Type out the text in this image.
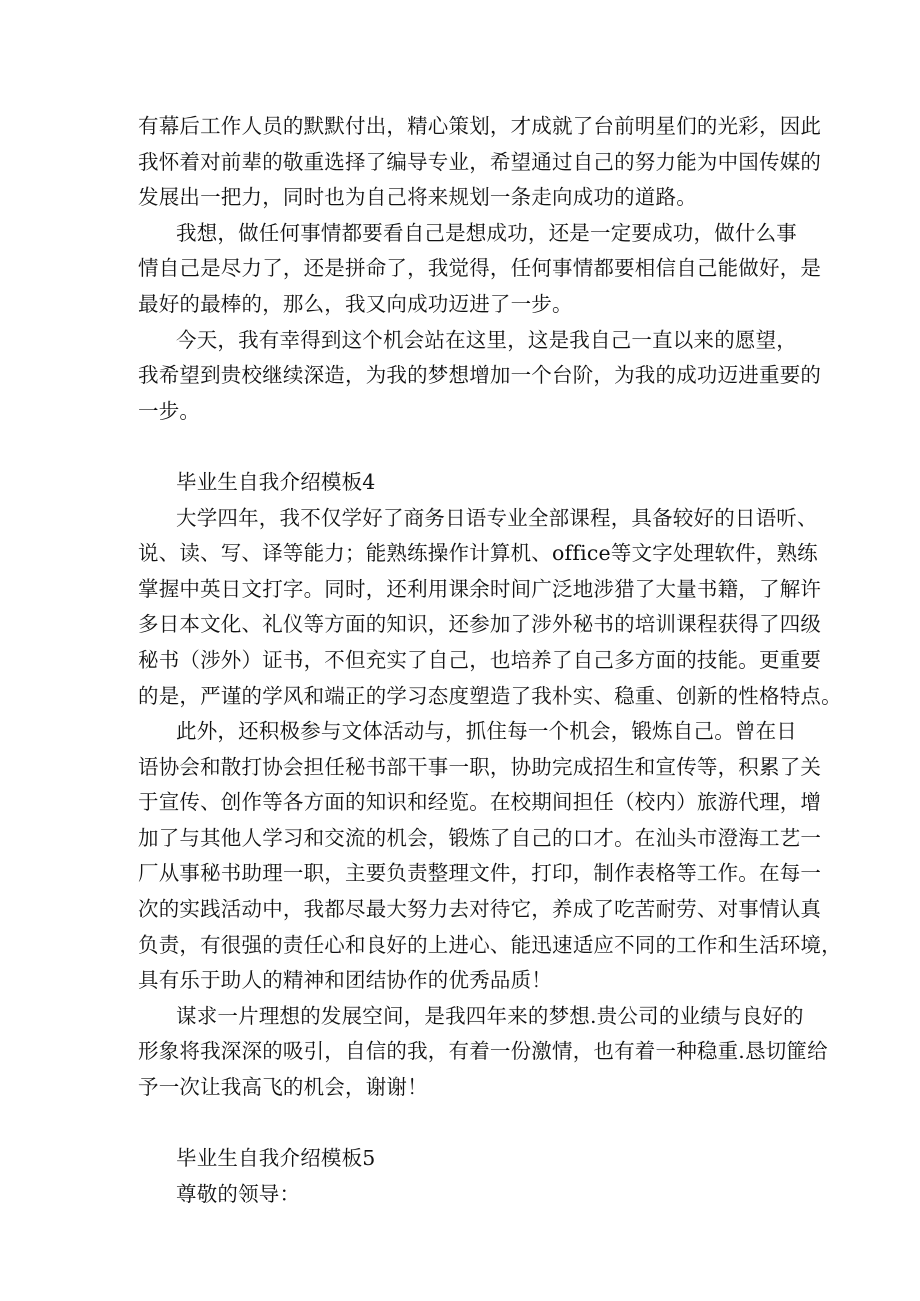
有幕后工作人员的默默付出，精心策划，才成就了台前明星们的光彩，因此
我怀着对前辈的敬重选择了编导专业，希望通过自己的努力能为中国传媒的
发展出一把力，同时也为自己将来规划一条走向成功的道路。
我想，做任何事情都要看自己是想成功，还是一定要成功，做什么事
情自己是尽力了，还是拼命了，我觉得，任何事情都要相信自己能做好，是
最好的最棒的，那么，我又向成功迈进了一步。
今天，我有幸得到这个机会站在这里，这是我自己一直以来的愿望，
我希望到贵校继续深造，为我的梦想增加一个台阶，为我的成功迈进重要的
一步。
毕业生自我介绍模板4
大学四年，我不仅学好了商务日语专业全部课程，具备较好的日语听、
说、读、写、译等能力；能熟练操作计算机、office等文字处理软件，熟练
掌握中英日文打字。同时，还利用课余时间广泛地涉猎了大量书籍，了解许
多日本文化、礼仪等方面的知识，还参加了涉外秘书的培训课程获得了四级
秘书（涉外）证书，不但充实了自己，也培养了自己多方面的技能。更重要
的是，严谨的学风和端正的学习态度塑造了我朴实、稳重、创新的性格特点。
此外，还积极参与文体活动与，抓住每一个机会，锻炼自己。曾在日
语协会和散打协会担任秘书部干事一职，协助完成招生和宣传等，积累了关
于宣传、创作等各方面的知识和经览。在校期间担任（校内）旅游代理，增
加了与其他人学习和交流的机会，锻炼了自己的口才。在汕头市澄海工艺一
厂从事秘书助理一职，主要负责整理文件，打印，制作表格等工作。在每一
次的实践活动中，我都尽最大努力去对待它，养成了吃苦耐劳、对事情认真
负责，有很强的责任心和良好的上进心、能迅速适应不同的工作和生活环境，
具有乐于助人的精神和团结协作的优秀品质！
谋求一片理想的发展空间，是我四年来的梦想.贵公司的业绩与良好的
形象将我深深的吸引，自信的我，有着一份激情，也有着一种稳重.恳切篚给
予一次让我高飞的机会，谢谢！
毕业生自我介绍模板5
尊敬的领导：
